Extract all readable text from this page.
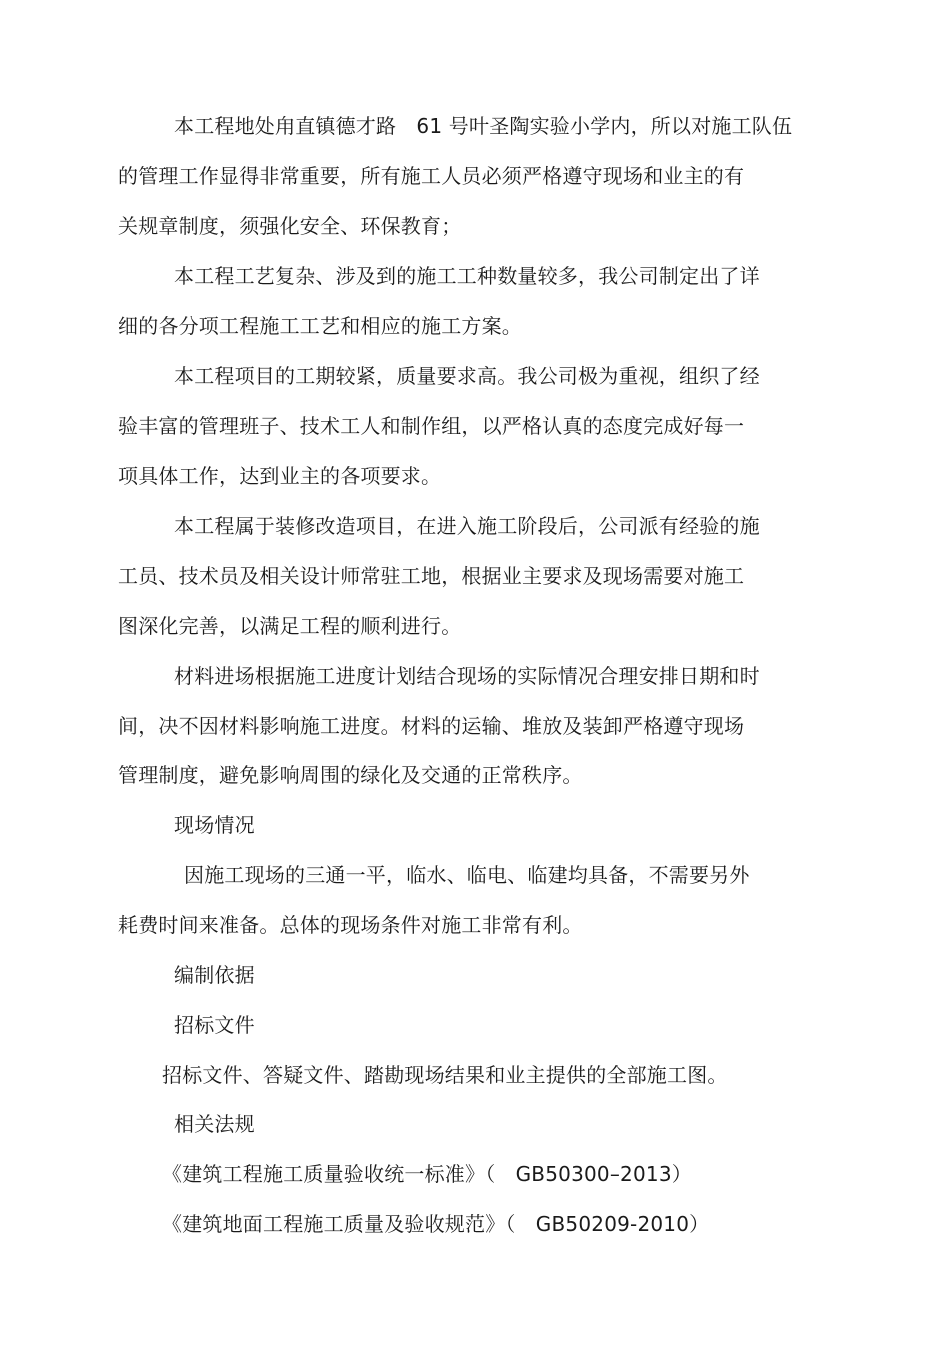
本工程地处甪直镇德才路　61 号叶圣陶实验小学内，所以对施工队伍
的管理工作显得非常重要，所有施工人员必须严格遵守现场和业主的有
关规章制度，须强化安全、环保教育；
本工程工艺复杂、涉及到的施工工种数量较多，我公司制定出了详
细的各分项工程施工工艺和相应的施工方案。
本工程项目的工期较紧，质量要求高。我公司极为重视，组织了经
验丰富的管理班子、技术工人和制作组，以严格认真的态度完成好每一
项具体工作，达到业主的各项要求。
本工程属于装修改造项目，在进入施工阶段后，公司派有经验的施
工员、技术员及相关设计师常驻工地，根据业主要求及现场需要对施工
图深化完善，以满足工程的顺利进行。
材料进场根据施工进度计划结合现场的实际情况合理安排日期和时
间，决不因材料影响施工进度。材料的运输、堆放及装卸严格遵守现场
管理制度，避免影响周围的绿化及交通的正常秩序。
现场情况
因施工现场的三通一平，临水、临电、临建均具备，不需要另外
耗费时间来准备。总体的现场条件对施工非常有利。
编制依据
招标文件
招标文件、答疑文件、踏勘现场结果和业主提供的全部施工图。
相关法规
《建筑工程施工质量验收统一标准》（　GB50300–2013）
《建筑地面工程施工质量及验收规范》（　GB50209-2010）
